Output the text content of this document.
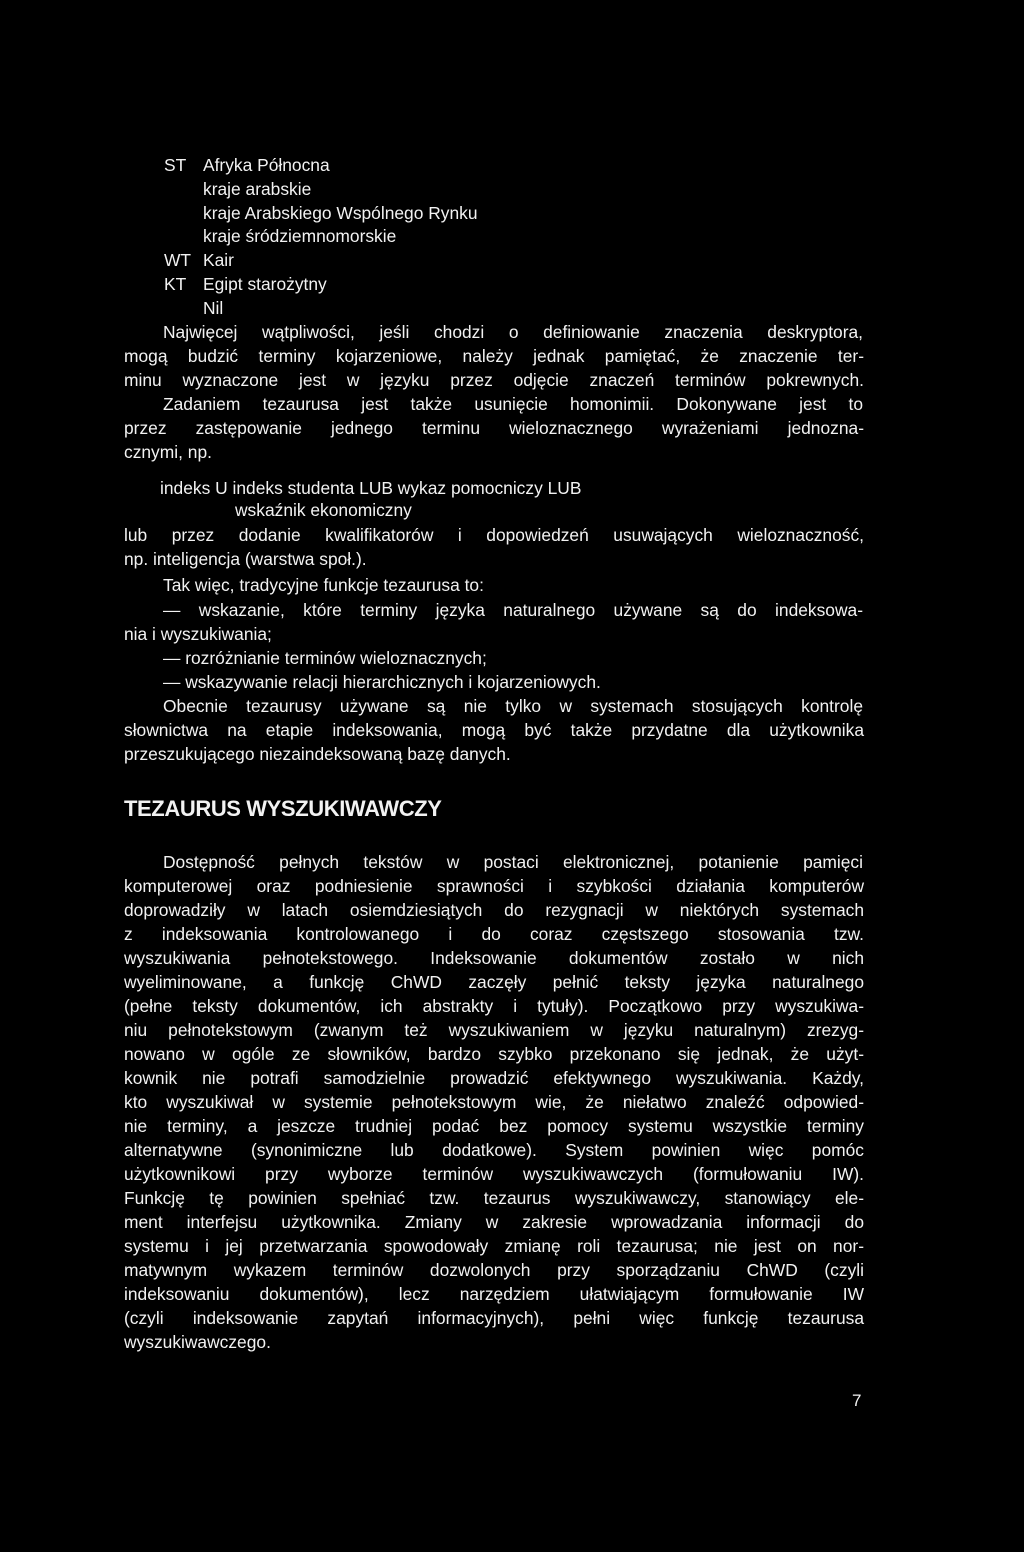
ST Afryka Północna
kraje arabskie
kraje Arabskiego Wspólnego Rynku
kraje śródziemnomorskie
WT Kair
KT Egipt starożytny
Nil
Najwięcej wątpliwości, jeśli chodzi o definiowanie znaczenia deskryptora,
mogą budzić terminy kojarzeniowe, należy jednak pamiętać, że znaczenie ter-
minu wyznaczone jest w języku przez odjęcie znaczeń terminów pokrewnych.
Zadaniem tezaurusa jest także usunięcie homonimii. Dokonywane jest to
przez zastępowanie jednego terminu wieloznacznego wyrażeniami jednozna-
cznymi, np.
indeks U indeks studenta LUB wykaz pomocniczy LUB
wskaźnik ekonomiczny
lub przez dodanie kwalifikatorów i dopowiedzeń usuwających wieloznaczność,
np. inteligencja (warstwa społ.).
Tak więc, tradycyjne funkcje tezaurusa to:
— wskazanie, które terminy języka naturalnego używane są do indeksowa-
nia i wyszukiwania;
— rozróżnianie terminów wieloznacznych;
— wskazywanie relacji hierarchicznych i kojarzeniowych.
Obecnie tezaurusy używane są nie tylko w systemach stosujących kontrolę
słownictwa na etapie indeksowania, mogą być także przydatne dla użytkownika
przeszukującego niezaindeksowaną bazę danych.
TEZAURUS WYSZUKIWAWCZY
Dostępność pełnych tekstów w postaci elektronicznej, potanienie pamięci
komputerowej oraz podniesienie sprawności i szybkości działania komputerów
doprowadziły w latach osiemdziesiątych do rezygnacji w niektórych systemach
z indeksowania kontrolowanego i do coraz częstszego stosowania tzw.
wyszukiwania pełnotekstowego. Indeksowanie dokumentów zostało w nich
wyeliminowane, a funkcję ChWD zaczęły pełnić teksty języka naturalnego
(pełne teksty dokumentów, ich abstrakty i tytuły). Początkowo przy wyszukiwa-
niu pełnotekstowym (zwanym też wyszukiwaniem w języku naturalnym) zrezyg-
nowano w ogóle ze słowników, bardzo szybko przekonano się jednak, że użyt-
kownik nie potrafi samodzielnie prowadzić efektywnego wyszukiwania. Każdy,
kto wyszukiwał w systemie pełnotekstowym wie, że niełatwo znaleźć odpowied-
nie terminy, a jeszcze trudniej podać bez pomocy systemu wszystkie terminy
alternatywne (synonimiczne lub dodatkowe). System powinien więc pomóc
użytkownikowi przy wyborze terminów wyszukiwawczych (formułowaniu IW).
Funkcję tę powinien spełniać tzw. tezaurus wyszukiwawczy, stanowiący ele-
ment interfejsu użytkownika. Zmiany w zakresie wprowadzania informacji do
systemu i jej przetwarzania spowodowały zmianę roli tezaurusa; nie jest on nor-
matywnym wykazem terminów dozwolonych przy sporządzaniu ChWD (czyli
indeksowaniu dokumentów), lecz narzędziem ułatwiającym formułowanie IW
(czyli indeksowanie zapytań informacyjnych), pełni więc funkcję tezaurusa
wyszukiwawczego.
7
